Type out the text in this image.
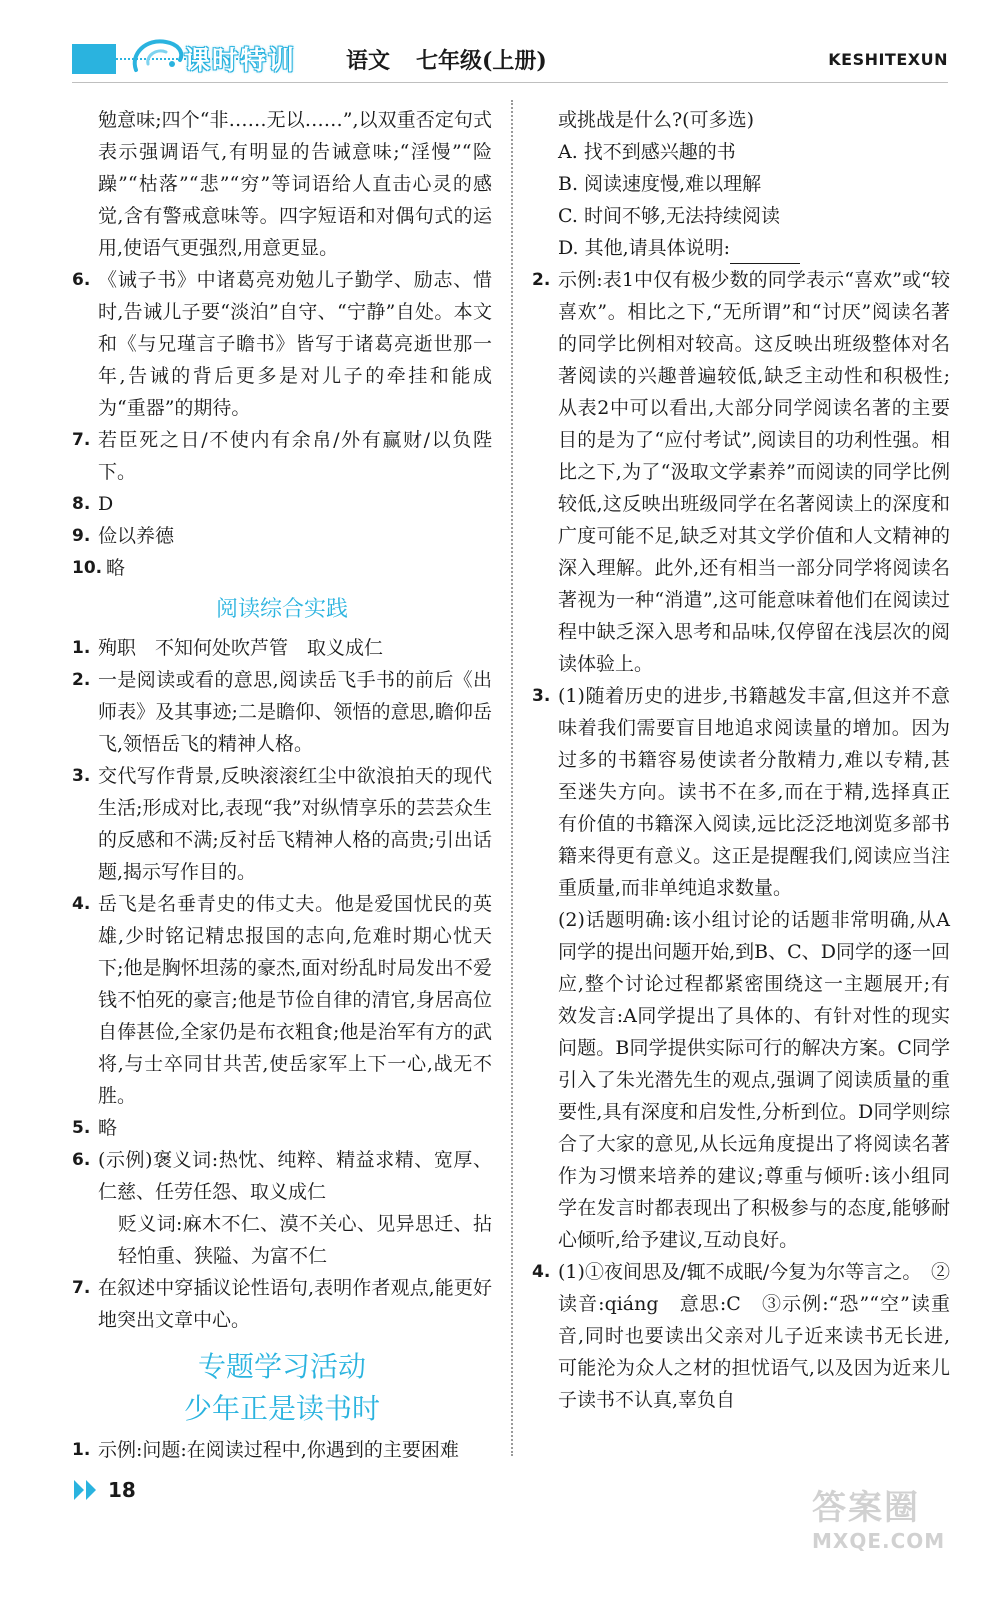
课时特训 语文 七年级(上册)	KESHITEXUN
勉意味;四个“非……无以……”,以双重否定句式表示强调语气,有明显的告诫意味;“淫慢”“险躁”“枯落”“悲”“穷”等词语给人直击心灵的感觉,含有警戒意味等。四字短语和对偶句式的运用,使语气更强烈,用意更显。
6. 《诫子书》中诸葛亮劝勉儿子勤学、励志、惜时,告诫儿子要“淡泊”自守、“宁静”自处。本文和《与兄瑾言子瞻书》皆写于诸葛亮逝世那一年,告诫的背后更多是对儿子的牵挂和能成为“重器”的期待。
7. 若臣死之日/不使内有余帛/外有赢财/以负陛下。
8. D
9. 俭以养德
10. 略
阅读综合实践
1. 殉职　不知何处吹芦管　取义成仁
2. 一是阅读或看的意思,阅读岳飞手书的前后《出师表》及其事迹;二是瞻仰、领悟的意思,瞻仰岳飞,领悟岳飞的精神人格。
3. 交代写作背景,反映滚滚红尘中欲浪拍天的现代生活;形成对比,表现“我”对纵情享乐的芸芸众生的反感和不满;反衬岳飞精神人格的高贵;引出话题,揭示写作目的。
4. 岳飞是名垂青史的伟丈夫。他是爱国忧民的英雄,少时铭记精忠报国的志向,危难时期心忧天下;他是胸怀坦荡的豪杰,面对纷乱时局发出不爱钱不怕死的豪言;他是节俭自律的清官,身居高位自俸甚俭,全家仍是布衣粗食;他是治军有方的武将,与士卒同甘共苦,使岳家军上下一心,战无不胜。
5. 略
6. (示例)褒义词:热忱、纯粹、精益求精、宽厚、仁慈、任劳任怨、取义成仁
贬义词:麻木不仁、漠不关心、见异思迁、拈轻怕重、狭隘、为富不仁
7. 在叙述中穿插议论性语句,表明作者观点,能更好地突出文章中心。
专题学习活动
少年正是读书时
1. 示例:问题:在阅读过程中,你遇到的主要困难
或挑战是什么?(可多选)
A. 找不到感兴趣的书
B. 阅读速度慢,难以理解
C. 时间不够,无法持续阅读
D. 其他,请具体说明:
2. 示例:表1中仅有极少数的同学表示“喜欢”或“较喜欢”。相比之下,“无所谓”和“讨厌”阅读名著的同学比例相对较高。这反映出班级整体对名著阅读的兴趣普遍较低,缺乏主动性和积极性;从表2中可以看出,大部分同学阅读名著的主要目的是为了“应付考试”,阅读目的功利性强。相比之下,为了“汲取文学素养”而阅读的同学比例较低,这反映出班级同学在名著阅读上的深度和广度可能不足,缺乏对其文学价值和人文精神的深入理解。此外,还有相当一部分同学将阅读名著视为一种“消遣”,这可能意味着他们在阅读过程中缺乏深入思考和品味,仅停留在浅层次的阅读体验上。
3. (1)随着历史的进步,书籍越发丰富,但这并不意味着我们需要盲目地追求阅读量的增加。因为过多的书籍容易使读者分散精力,难以专精,甚至迷失方向。读书不在多,而在于精,选择真正有价值的书籍深入阅读,远比泛泛地浏览多部书籍来得更有意义。这正是提醒我们,阅读应当注重质量,而非单纯追求数量。
(2)话题明确:该小组讨论的话题非常明确,从A同学的提出问题开始,到B、C、D同学的逐一回应,整个讨论过程都紧密围绕这一主题展开;有效发言:A同学提出了具体的、有针对性的现实问题。B同学提供实际可行的解决方案。C同学引入了朱光潜先生的观点,强调了阅读质量的重要性,具有深度和启发性,分析到位。D同学则综合了大家的意见,从长远角度提出了将阅读名著作为习惯来培养的建议;尊重与倾听:该小组同学在发言时都表现出了积极参与的态度,能够耐心倾听,给予建议,互动良好。
4. (1)①夜间思及/辄不成眠/今复为尔等言之。　②读音:qiáng　意思:C　③示例:“恐”“空”读重音,同时也要读出父亲对儿子近来读书无长进,可能沦为众人之材的担忧语气,以及因为近来儿子读书不认真,辜负自
18	答案圈
MXQE.COM
